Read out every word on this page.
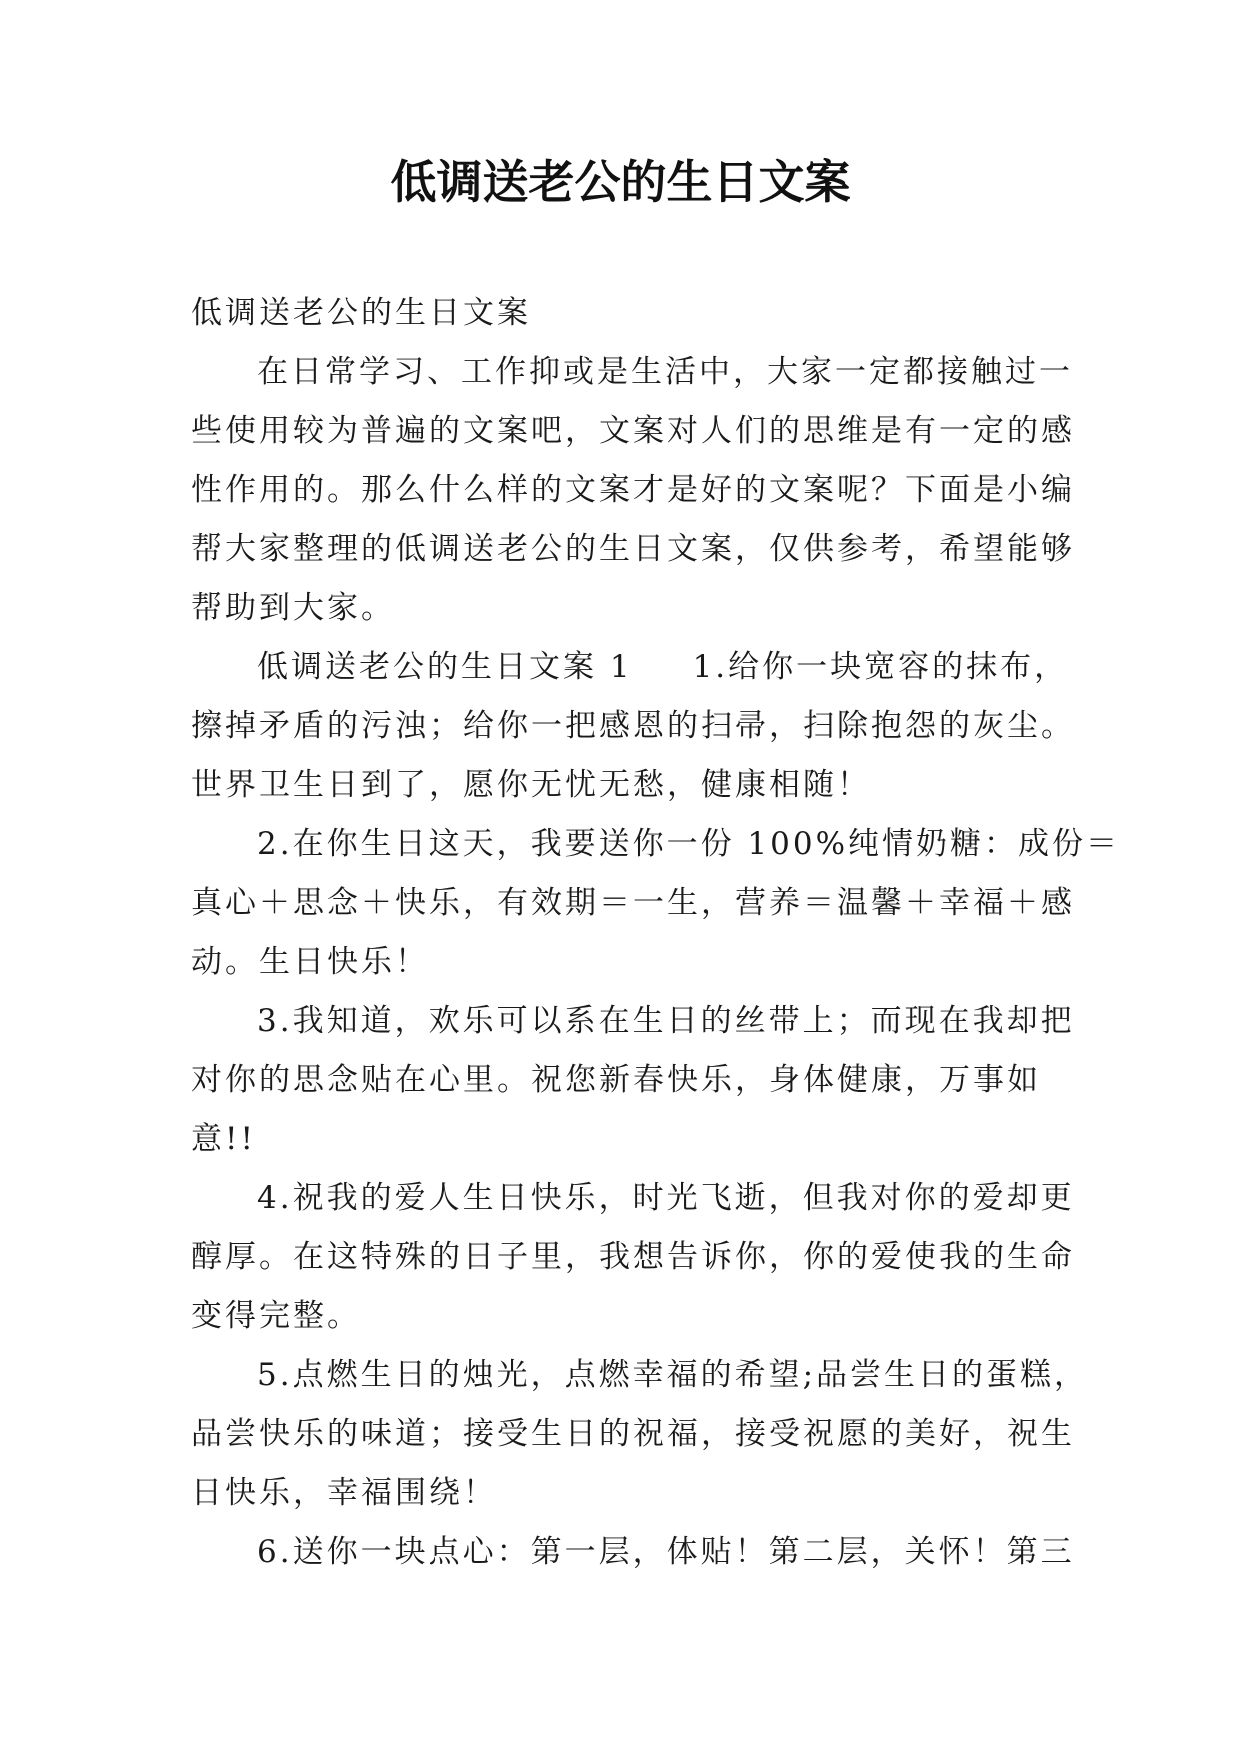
低调送老公的生日文案
低调送老公的生日文案
在日常学习、工作抑或是生活中，大家一定都接触过一
些使用较为普遍的文案吧，文案对人们的思维是有一定的感
性作用的。那么什么样的文案才是好的文案呢？下面是小编
帮大家整理的低调送老公的生日文案，仅供参考，希望能够
帮助到大家。
低调送老公的生日文案 1 1.给你一块宽容的抹布，
擦掉矛盾的污浊；给你一把感恩的扫帚，扫除抱怨的灰尘。
世界卫生日到了，愿你无忧无愁，健康相随！
2.在你生日这天，我要送你一份 100%纯情奶糖：成份＝
真心＋思念＋快乐，有效期＝一生，营养＝温馨＋幸福＋感
动。生日快乐！
3.我知道，欢乐可以系在生日的丝带上；而现在我却把
对你的思念贴在心里。祝您新春快乐，身体健康，万事如
意!!
4.祝我的爱人生日快乐，时光飞逝，但我对你的爱却更
醇厚。在这特殊的日子里，我想告诉你，你的爱使我的生命
变得完整。
5.点燃生日的烛光，点燃幸福的希望;品尝生日的蛋糕，
品尝快乐的味道；接受生日的祝福，接受祝愿的美好，祝生
日快乐，幸福围绕！
6.送你一块点心：第一层，体贴！第二层，关怀！第三
